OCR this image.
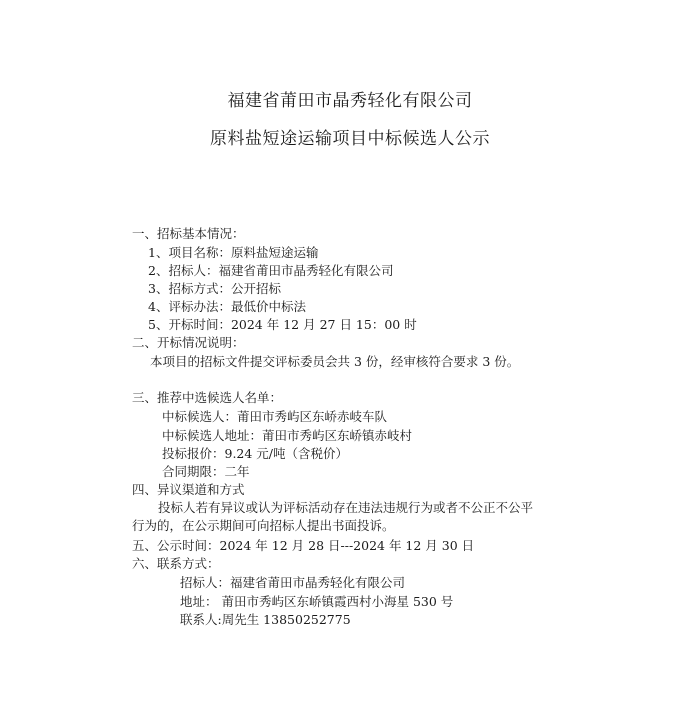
福建省莆田市晶秀轻化有限公司
原料盐短途运输项目中标候选人公示
一、招标基本情况：
1、项目名称：原料盐短途运输
2、招标人：福建省莆田市晶秀轻化有限公司
3、招标方式：公开招标
4、评标办法：最低价中标法
5、开标时间：2024 年 12 月 27 日 15：00 时
二、开标情况说明：
本项目的招标文件提交评标委员会共 3 份，经审核符合要求 3 份。
三、推荐中选候选人名单：
中标候选人：莆田市秀屿区东峤赤岐车队
中标候选人地址：莆田市秀屿区东峤镇赤岐村
投标报价：9.24 元/吨（含税价）
合同期限：二年
四、异议渠道和方式
投标人若有异议或认为评标活动存在违法违规行为或者不公正不公平
行为的，在公示期间可向招标人提出书面投诉。
五、公示时间：2024 年 12 月 28 日---2024 年 12 月 30 日
六、联系方式：
招标人：福建省莆田市晶秀轻化有限公司
地址： 莆田市秀屿区东峤镇霞西村小海星 530 号
联系人:周先生 13850252775
